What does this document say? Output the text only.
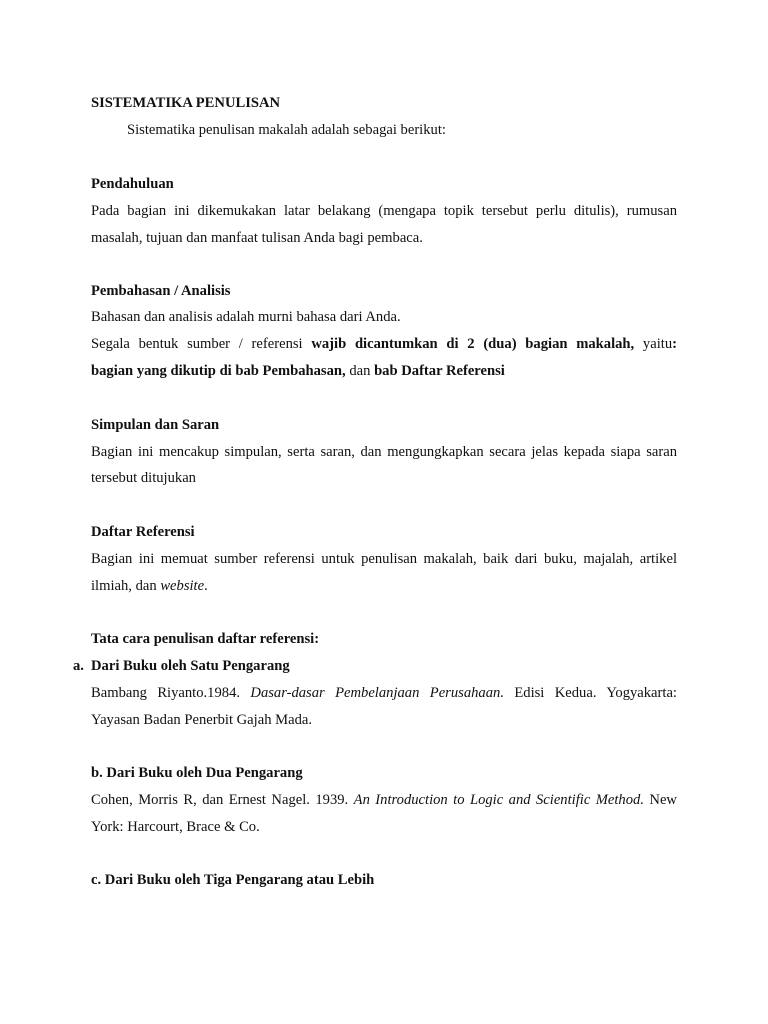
SISTEMATIKA PENULISAN
Sistematika penulisan makalah adalah sebagai berikut:
Pendahuluan
Pada bagian ini dikemukakan latar belakang (mengapa topik tersebut perlu ditulis), rumusan
masalah, tujuan dan manfaat tulisan Anda bagi pembaca.
Pembahasan / Analisis
Bahasan dan analisis adalah murni bahasa dari Anda.
Segala bentuk sumber / referensi wajib dicantumkan di 2 (dua) bagian makalah, yaitu:
bagian yang dikutip di bab Pembahasan, dan bab Daftar Referensi
Simpulan dan Saran
Bagian ini mencakup simpulan, serta saran, dan mengungkapkan secara jelas kepada siapa saran
tersebut ditujukan
Daftar Referensi
Bagian ini memuat sumber referensi untuk penulisan makalah, baik dari buku, majalah, artikel
ilmiah, dan website.
Tata cara penulisan daftar referensi:
a. Dari Buku oleh Satu Pengarang
Bambang Riyanto.1984. Dasar-dasar Pembelanjaan Perusahaan. Edisi Kedua. Yogyakarta:
Yayasan Badan Penerbit Gajah Mada.
b. Dari Buku oleh Dua Pengarang
Cohen, Morris R, dan Ernest Nagel. 1939. An Introduction to Logic and Scientific Method. New
York: Harcourt, Brace & Co.
c. Dari Buku oleh Tiga Pengarang atau Lebih
